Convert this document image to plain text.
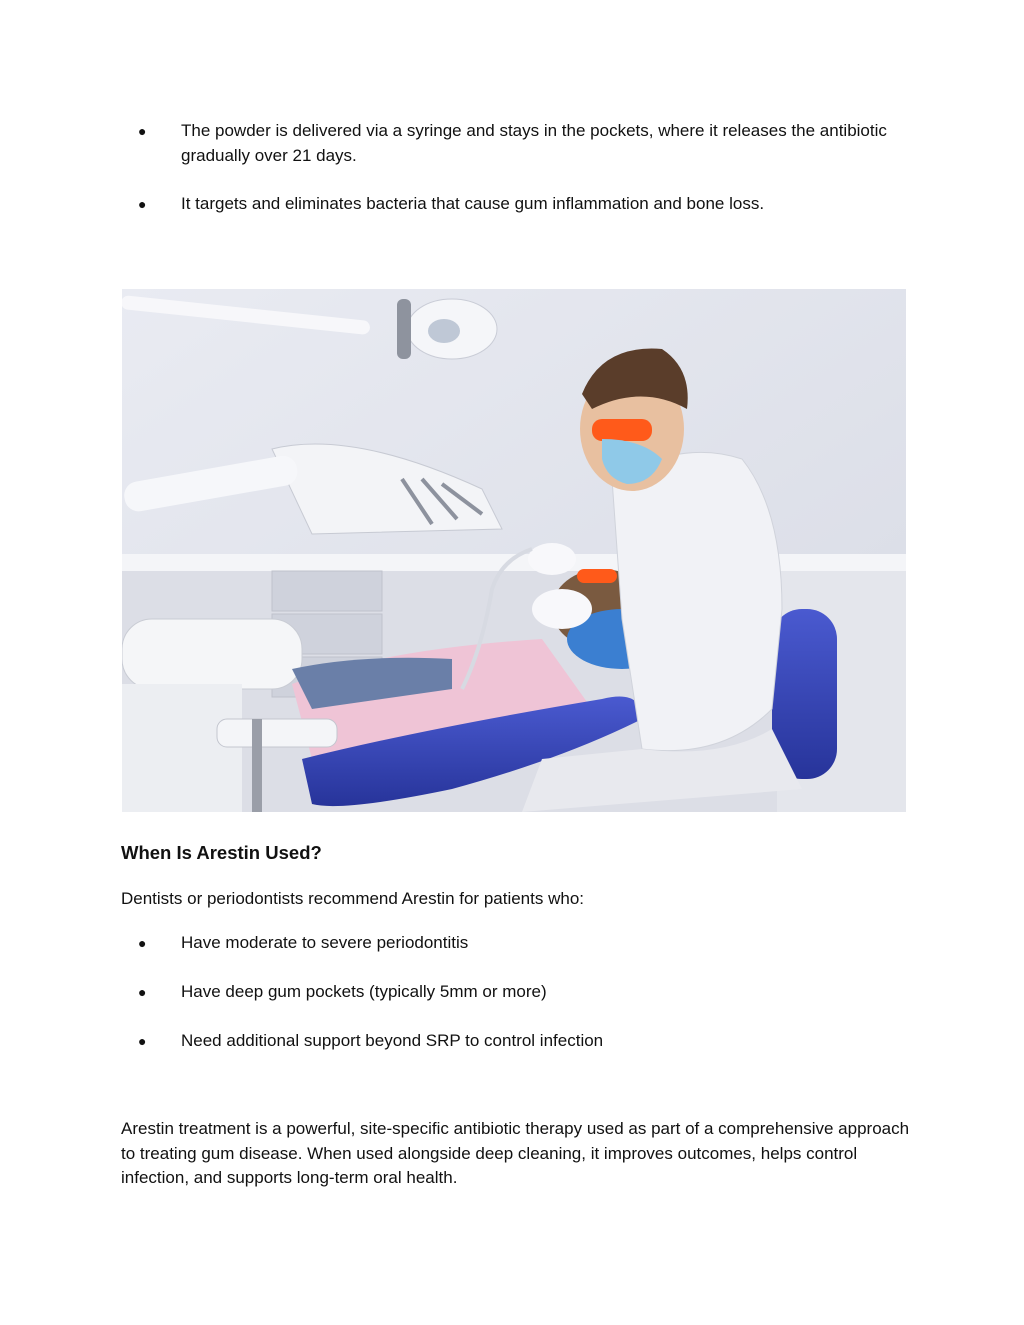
● The powder is delivered via a syringe and stays in the pockets, where it releases the antibiotic gradually over 21 days.
● It targets and eliminates bacteria that cause gum inflammation and bone loss.
When Is Arestin Used?

Dentists or periodontists recommend Arestin for patients who:

● Have moderate to severe periodontitis
● Have deep gum pockets (typically 5mm or more)
● Need additional support beyond SRP to control infection

Arestin treatment is a powerful, site-specific antibiotic therapy used as part of a comprehensive approach to treating gum disease. When used alongside deep cleaning, it improves outcomes, helps control infection, and supports long-term oral health.
